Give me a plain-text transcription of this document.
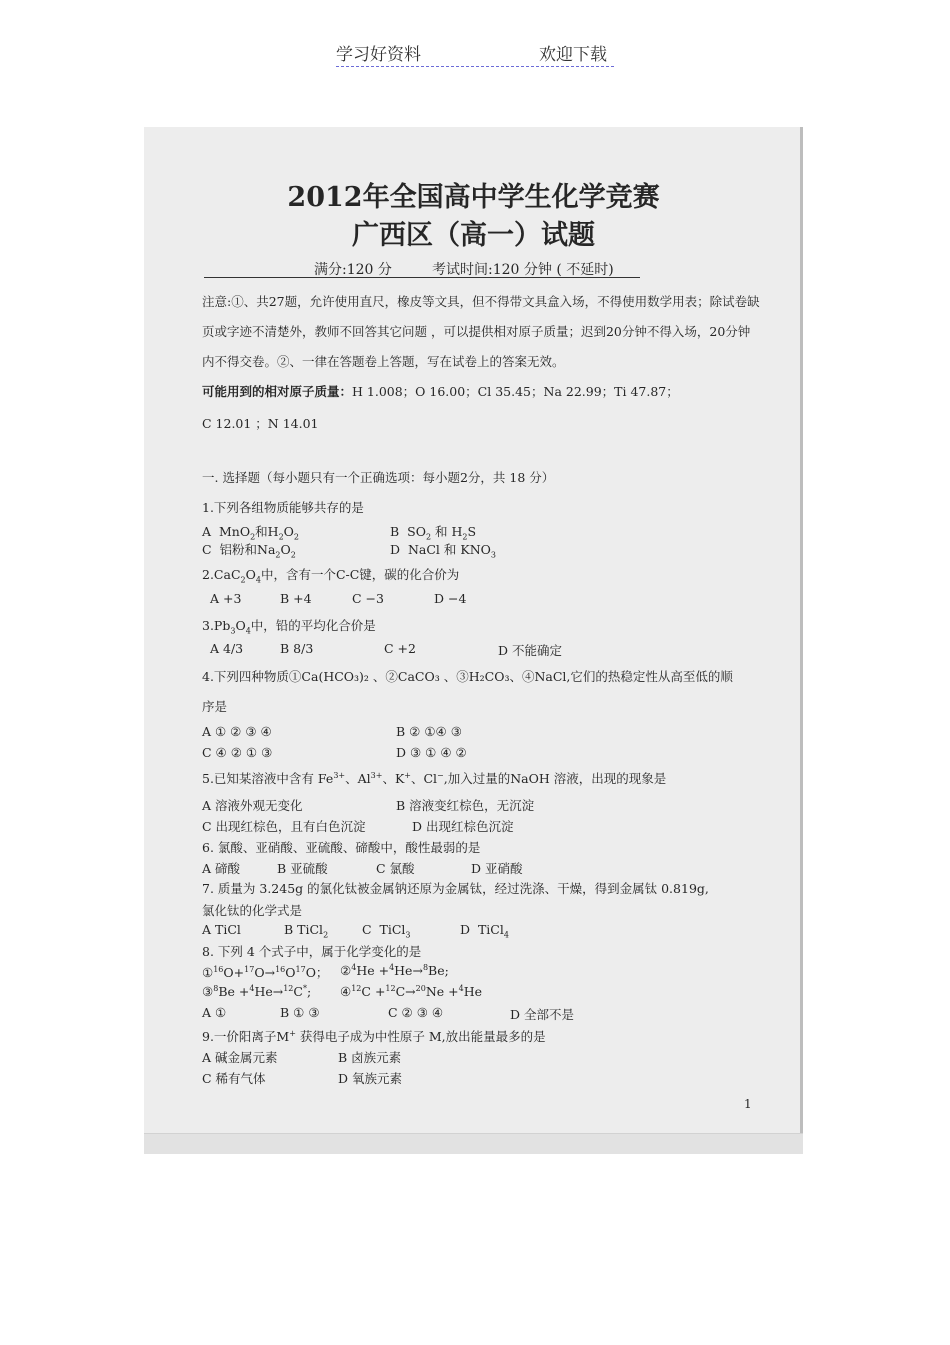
学习好资料	欢迎下载
2012年全国高中学生化学竞赛
广西区（高一）试题
满分:120 分	考试时间:120 分钟 ( 不延时)
注意:①、共27题，允许使用直尺，橡皮等文具，但不得带文具盒入场，不得使用数学用表；除试卷缺页或字迹不清楚外，教师不回答其它问题 ，可以提供相对原子质量；迟到20分钟不得入场，20分钟内不得交卷。②、一律在答题卷上答题，写在试卷上的答案无效。
可能用到的相对原子质量：H 1.008；O 16.00；Cl 35.45；Na 22.99；Ti 47.87；
C 12.01 ；N 14.01
一. 选择题（每小题只有一个正确选项：每小题2分，共 18 分）
1.下列各组物质能够共存的是
A  MnO$_2$和$H_2O_2$	B  $SO_2$ 和 $H_2S$
C  铝粉和$Na_2O_2$	D  NaCl 和 $KNO_3$
$2.CaC_2O_4$中，含有一个C-C键，碳的化合价为
A +3	B +4	C −3	D −4
$3.Pb_3O_4$中，铅的平均化合价是
A 4/3	B 8/3	C +2	D 不能确定
4.下列四种物质①Ca(HCO₃)₂ 、②CaCO₃ 、③H₂CO₃、④NaCl,它们的热稳定性从高至低的顺
序是
A ① ② ③ ④	B ② ①④ ③
C ④ ② ① ③	D ③ ① ④ ②
5.已知某溶液中含有 $Fe^{3+}$、$Al^{3+}$、K+、Cl−,加入过量的NaOH 溶液，出现的现象是
A 溶液外观无变化	B 溶液变红棕色，无沉淀
C 出现红棕色，且有白色沉淀	D 出现红棕色沉淀
6. 氯酸、亚硝酸、亚硫酸、碲酸中，酸性最弱的是
A 碲酸	B 亚硫酸	C 氯酸	D 亚硝酸
7. 质量为 3.245g 的氯化钛被金属钠还原为金属钛，经过洗涤、干燥，得到金属钛 0.819g,
氯化钛的化学式是
A TiCl	B TiCl$_2$	C  TiCl$_3$	D  TiCl$_4$
8. 下列 4 个式子中，属于化学变化的是
$①^{16}O+^{17}O\to^{16}O^{17}O$； ②$^4$He +$^4$He→$^8$Be;
③$^8$Be +$^4$He→$^{12}$C*; ④$^{12}$C +$^{12}$C→$^{20}$Ne +$^4$He
A ①	B ① ③	C ② ③ ④	D 全部不是
9.一价阳离子M+ 获得电子成为中性原子 M,放出能量最多的是
A 碱金属元素	B 卤族元素
C 稀有气体	D 氧族元素
1
